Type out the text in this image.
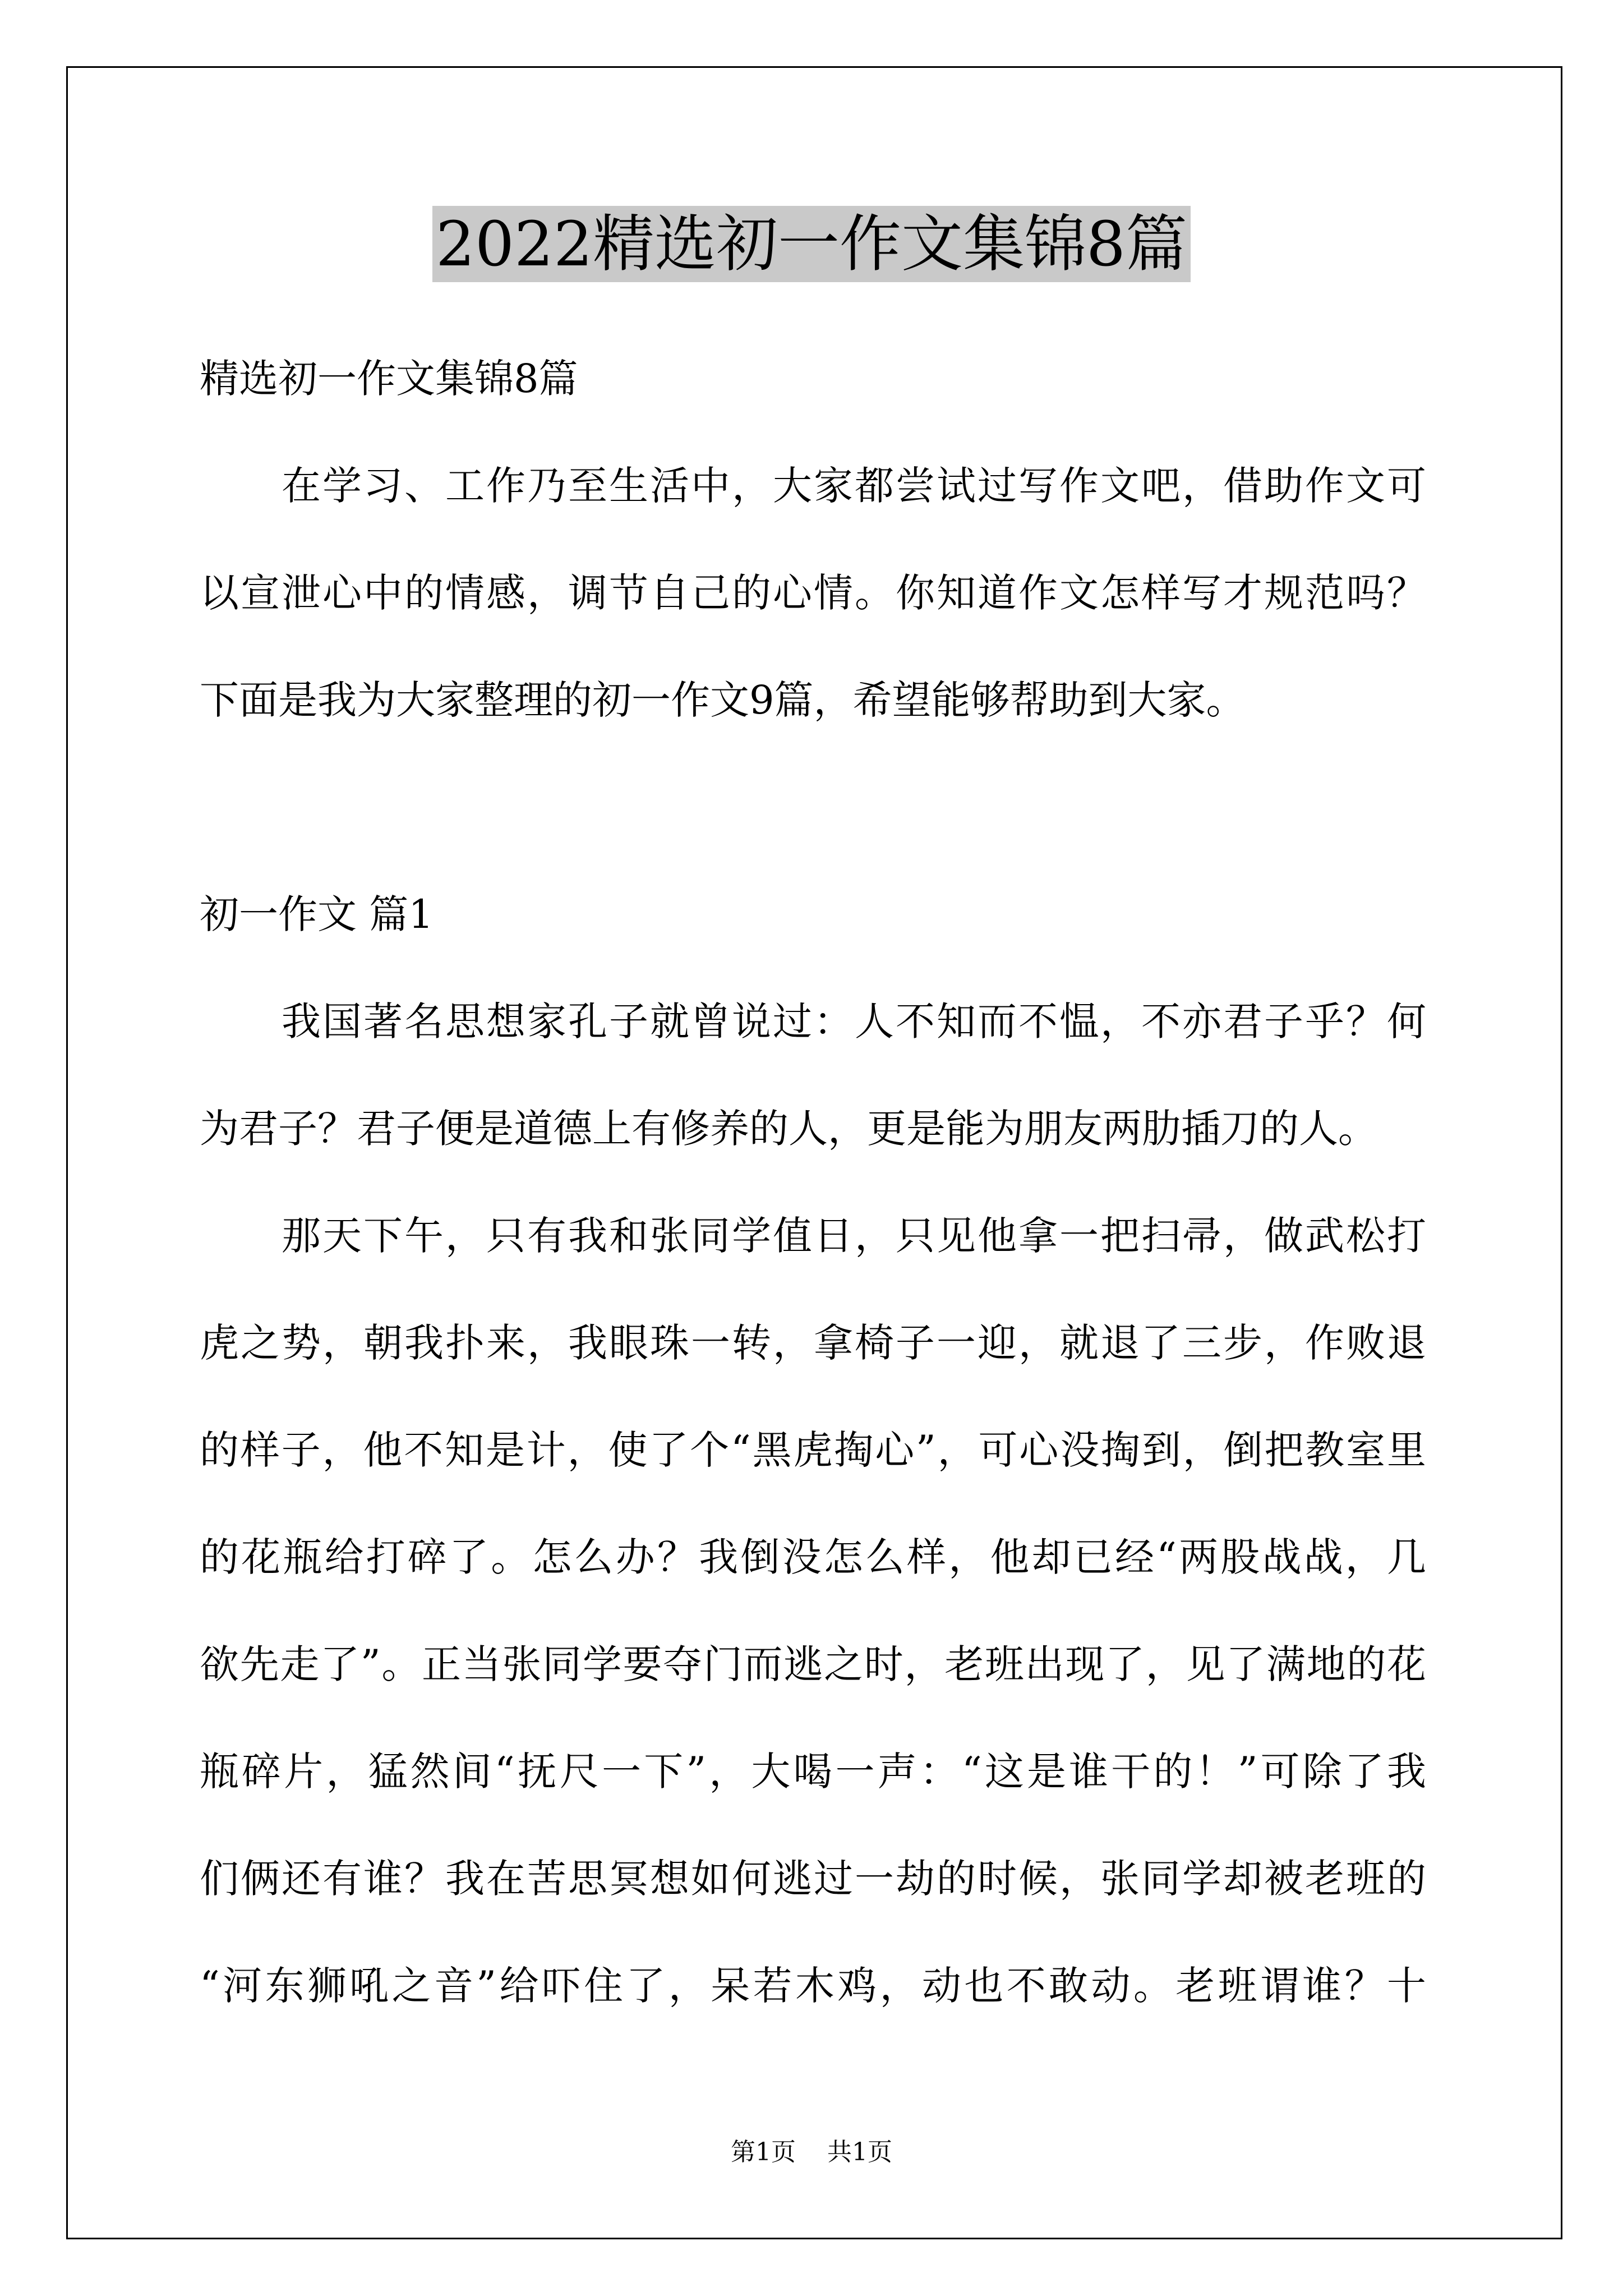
2022精选初一作文集锦8篇
精选初一作文集锦8篇
在学习、工作乃至生活中，大家都尝试过写作文吧，借助作文可
以宣泄心中的情感，调节自己的心情。你知道作文怎样写才规范吗？
下面是我为大家整理的初一作文9篇，希望能够帮助到大家。
初一作文 篇1
我国著名思想家孔子就曾说过：人不知而不愠，不亦君子乎？何
为君子？君子便是道德上有修养的人，更是能为朋友两肋插刀的人。
那天下午，只有我和张同学值日，只见他拿一把扫帚，做武松打
虎之势，朝我扑来，我眼珠一转，拿椅子一迎，就退了三步，作败退
的样子，他不知是计，使了个“黑虎掏心”，可心没掏到，倒把教室里
的花瓶给打碎了。怎么办？我倒没怎么样，他却已经“两股战战，几
欲先走了”。正当张同学要夺门而逃之时，老班出现了，见了满地的花
瓶碎片，猛然间“抚尺一下”，大喝一声：“这是谁干的！”可除了我
们俩还有谁？我在苦思冥想如何逃过一劫的时候，张同学却被老班的
“河东狮吼之音”给吓住了，呆若木鸡，动也不敢动。老班谓谁？十
第1页 共1页
